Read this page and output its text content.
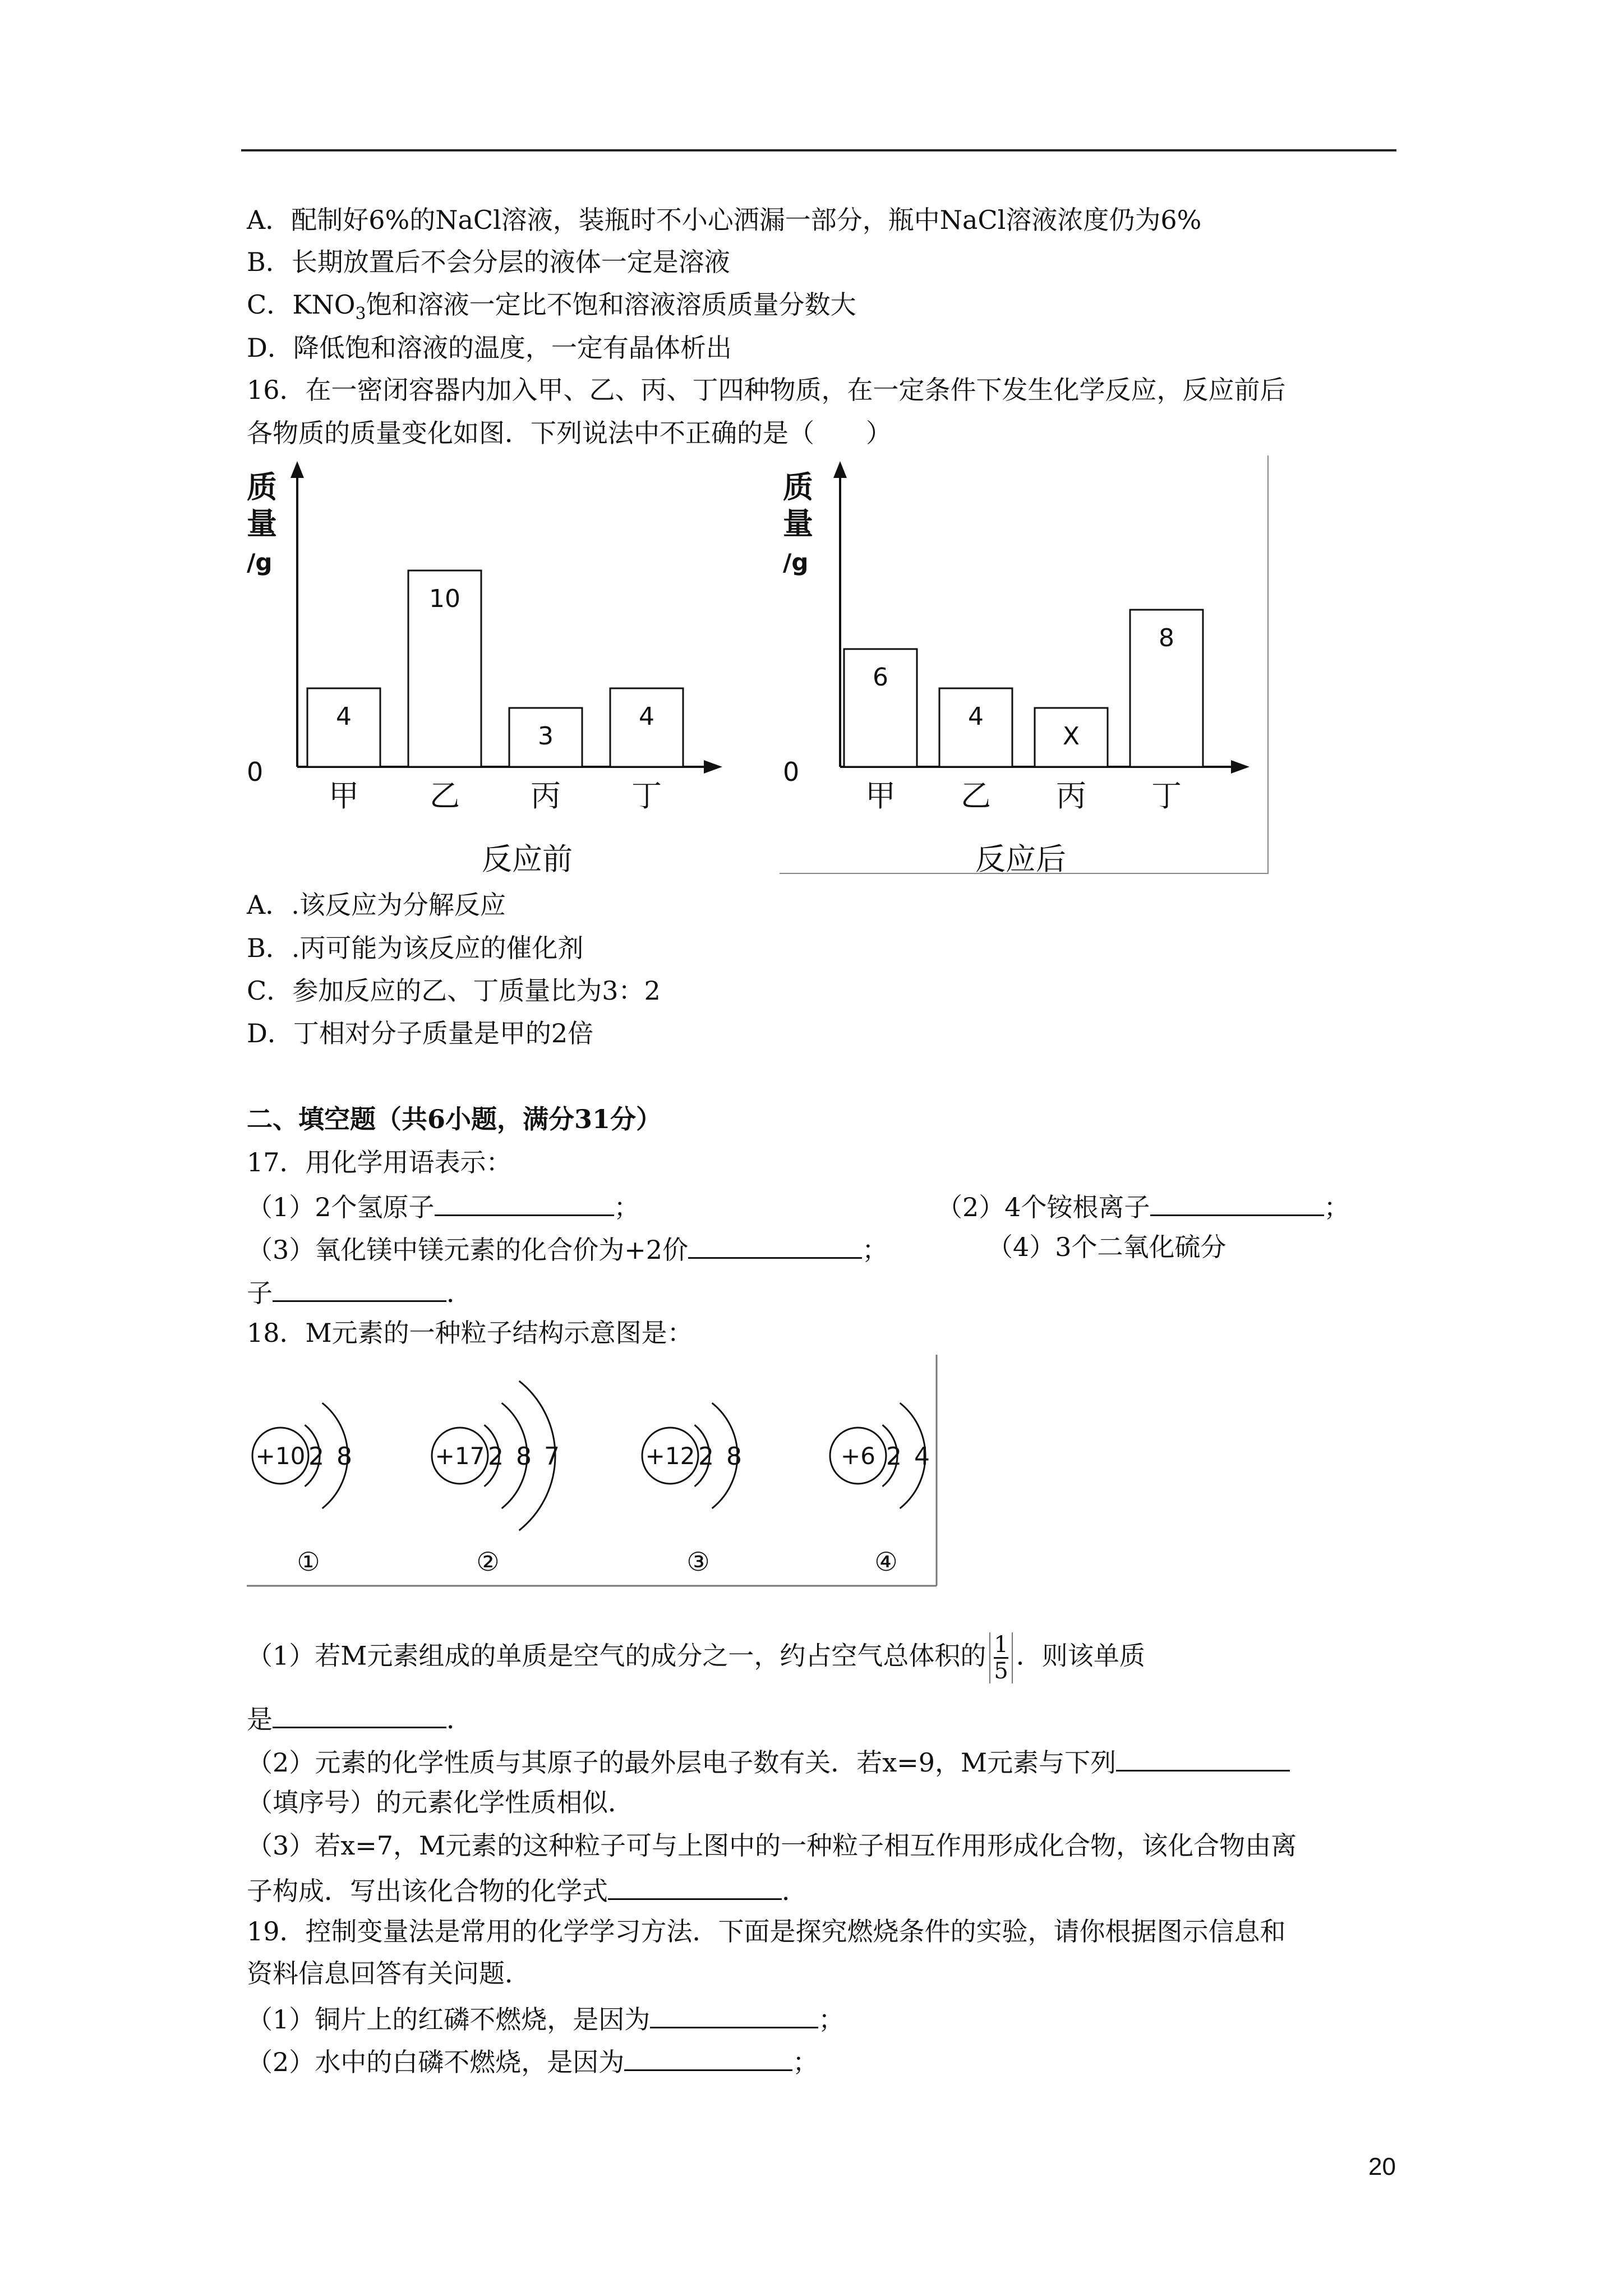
A．配制好6%的NaCl溶液，装瓶时不小心洒漏一部分，瓶中NaCl溶液浓度仍为6%
B．长期放置后不会分层的液体一定是溶液
C．$KNO_3$饱和溶液一定比不饱和溶液溶质质量分数大
D．降低饱和溶液的温度，一定有晶体析出
16．在一密闭容器内加入甲、乙、丙、丁四种物质，在一定条件下发生化学反应，反应前后
各物质的质量变化如图．下列说法中不正确的是（　　）
质
量
/g
0
4
甲
10
乙
3
丙
4
丁
反应前
质
量
/g
0
6
甲
4
乙
X
丙
8
丁
反应后
A．.该反应为分解反应
B．.丙可能为该反应的催化剂
C．参加反应的乙、丁质量比为3：2
D．丁相对分子质量是甲的2倍
二、填空题（共6小题，满分31分）
17．用化学用语表示：
（1）2个氢原子	；	（2）4个铵根离子	；
（3）氧化镁中镁元素的化合价为+2价	；	（4）3个二氧化硫分
子	．
18．M元素的一种粒子结构示意图是：
+10 2 8
①
+17 2 8 7
②
+12 2 8
③
+6 2 4
④
（1）若M元素组成的单质是空气的成分之一，约占空气总体积的 $\frac{1}{5}$ ．则该单质
是	．
（2）元素的化学性质与其原子的最外层电子数有关．若x=9，M元素与下列
（填序号）的元素化学性质相似．
（3）若x=7，M元素的这种粒子可与上图中的一种粒子相互作用形成化合物，该化合物由离
子构成．写出该化合物的化学式	．
19．控制变量法是常用的化学学习方法．下面是探究燃烧条件的实验，请你根据图示信息和
资料信息回答有关问题．
（1）铜片上的红磷不燃烧，是因为	；
（2）水中的白磷不燃烧，是因为	；
20
